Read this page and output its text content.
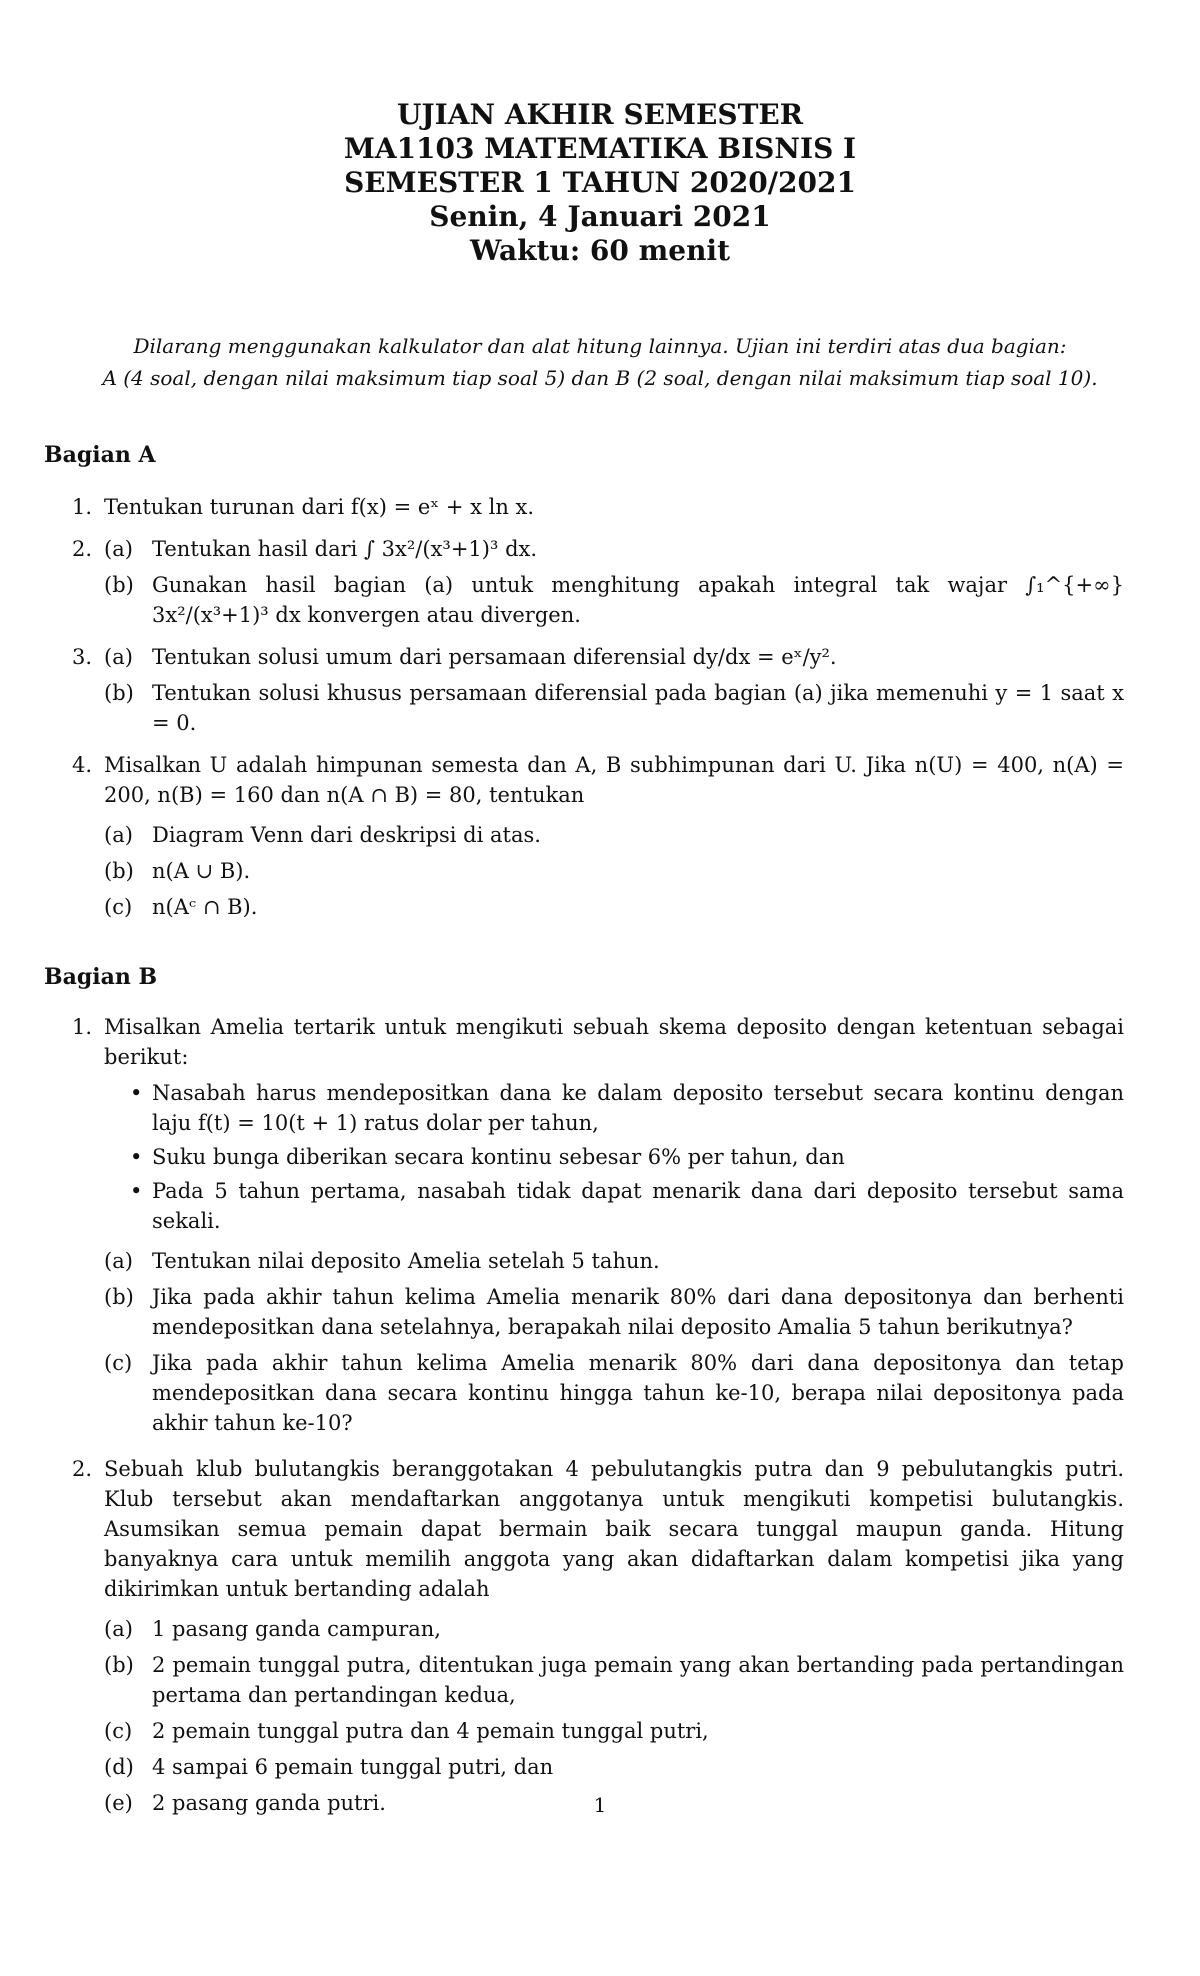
UJIAN AKHIR SEMESTER
MA1103 MATEMATIKA BISNIS I
SEMESTER 1 TAHUN 2020/2021
Senin, 4 Januari 2021
Waktu: 60 menit
Dilarang menggunakan kalkulator dan alat hitung lainnya. Ujian ini terdiri atas dua bagian:
A (4 soal, dengan nilai maksimum tiap soal 5) dan B (2 soal, dengan nilai maksimum tiap soal 10).
Bagian A
1. Tentukan turunan dari f(x) = eˣ + x ln x.
2. (a) Tentukan hasil dari ∫ 3x²/(x³+1)³ dx.
(b) Gunakan hasil bagian (a) untuk menghitung apakah integral tak wajar ∫₁^{+∞} 3x²/(x³+1)³ dx konvergen atau divergen.
3. (a) Tentukan solusi umum dari persamaan diferensial dy/dx = eˣ/y².
(b) Tentukan solusi khusus persamaan diferensial pada bagian (a) jika memenuhi y = 1 saat x = 0.
4. Misalkan U adalah himpunan semesta dan A, B subhimpunan dari U. Jika n(U) = 400, n(A) = 200, n(B) = 160 dan n(A ∩ B) = 80, tentukan
(a) Diagram Venn dari deskripsi di atas.
(b) n(A ∪ B).
(c) n(Aᶜ ∩ B).
Bagian B
1. Misalkan Amelia tertarik untuk mengikuti sebuah skema deposito dengan ketentuan sebagai berikut:
• Nasabah harus mendepositkan dana ke dalam deposito tersebut secara kontinu dengan laju f(t) = 10(t + 1) ratus dolar per tahun,
• Suku bunga diberikan secara kontinu sebesar 6% per tahun, dan
• Pada 5 tahun pertama, nasabah tidak dapat menarik dana dari deposito tersebut sama sekali.
(a) Tentukan nilai deposito Amelia setelah 5 tahun.
(b) Jika pada akhir tahun kelima Amelia menarik 80% dari dana depositonya dan berhenti mendepositkan dana setelahnya, berapakah nilai deposito Amalia 5 tahun berikutnya?
(c) Jika pada akhir tahun kelima Amelia menarik 80% dari dana depositonya dan tetap mendepositkan dana secara kontinu hingga tahun ke-10, berapa nilai depositonya pada akhir tahun ke-10?
2. Sebuah klub bulutangkis beranggotakan 4 pebulutangkis putra dan 9 pebulutangkis putri. Klub tersebut akan mendaftarkan anggotanya untuk mengikuti kompetisi bulutangkis. Asumsikan semua pemain dapat bermain baik secara tunggal maupun ganda. Hitung banyaknya cara untuk memilih anggota yang akan didaftarkan dalam kompetisi jika yang dikirimkan untuk bertanding adalah
(a) 1 pasang ganda campuran,
(b) 2 pemain tunggal putra, ditentukan juga pemain yang akan bertanding pada pertandingan pertama dan pertandingan kedua,
(c) 2 pemain tunggal putra dan 4 pemain tunggal putri,
(d) 4 sampai 6 pemain tunggal putri, dan
(e) 2 pasang ganda putri.	1
